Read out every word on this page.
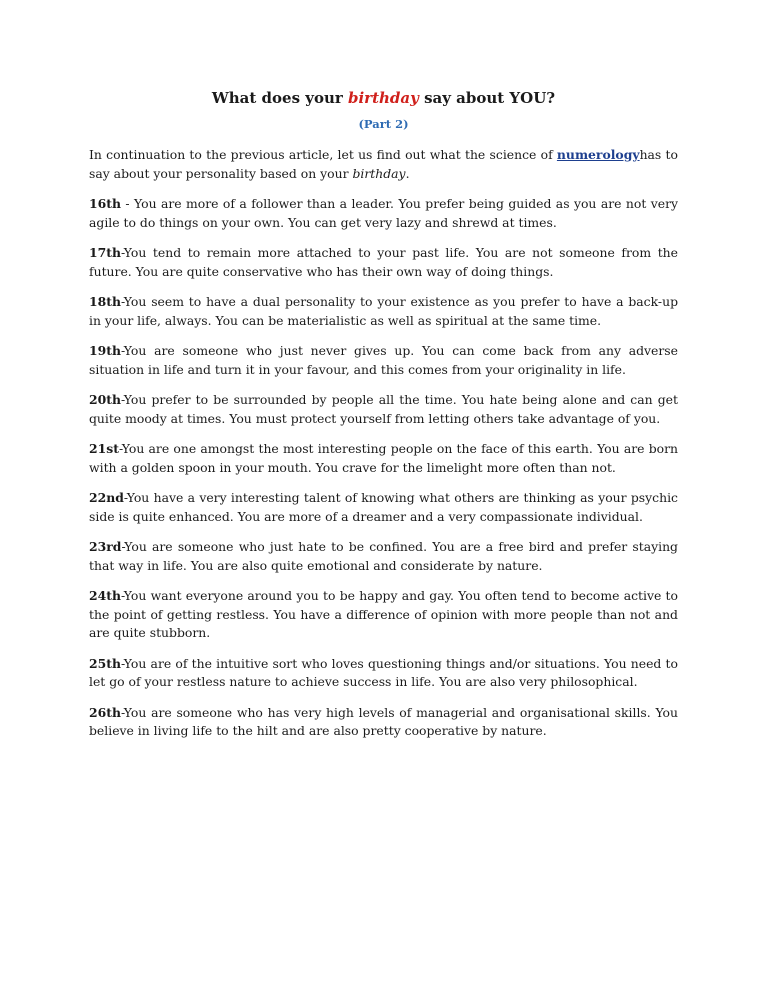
What does your birthday say about YOU?
(Part 2)

In continuation to the previous article, let us find out what the science of numerologyhas to say about your personality based on your birthday.

16th - You are more of a follower than a leader. You prefer being guided as you are not very agile to do things on your own. You can get very lazy and shrewd at times.

17th-You tend to remain more attached to your past life. You are not someone from the future. You are quite conservative who has their own way of doing things.

18th-You seem to have a dual personality to your existence as you prefer to have a back-up in your life, always. You can be materialistic as well as spiritual at the same time.

19th-You are someone who just never gives up. You can come back from any adverse situation in life and turn it in your favour, and this comes from your originality in life.

20th-You prefer to be surrounded by people all the time. You hate being alone and can get quite moody at times. You must protect yourself from letting others take advantage of you.

21st-You are one amongst the most interesting people on the face of this earth. You are born with a golden spoon in your mouth. You crave for the limelight more often than not.

22nd-You have a very interesting talent of knowing what others are thinking as your psychic side is quite enhanced. You are more of a dreamer and a very compassionate individual.

23rd-You are someone who just hate to be confined. You are a free bird and prefer staying that way in life. You are also quite emotional and considerate by nature.

24th-You want everyone around you to be happy and gay. You often tend to become active to the point of getting restless. You have a difference of opinion with more people than not and are quite stubborn.

25th-You are of the intuitive sort who loves questioning things and/or situations. You need to let go of your restless nature to achieve success in life. You are also very philosophical.

26th-You are someone who has very high levels of managerial and organisational skills. You believe in living life to the hilt and are also pretty cooperative by nature.
